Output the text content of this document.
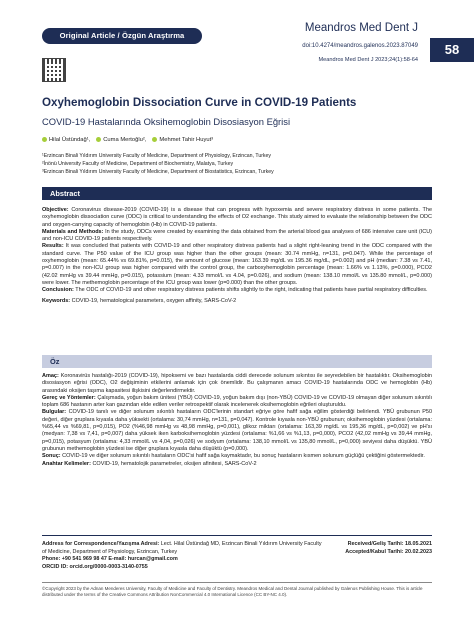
Original Article / Özgün Araştırma
Meandros Med Dent J
58
doi:10.4274/meandros.galenos.2023.87049
Meandros Med Dent J 2023;24(1):58-64
Oxyhemoglobin Dissociation Curve in COVID-19 Patients
COVID-19 Hastalarında Oksihemoglobin Disosiasyon Eğrisi
Hilal Üstündağ¹,	Cuma Mertoğlu²,	Mehmet Tahir Huyut³
¹Erzincan Binali Yıldırım University Faculty of Medicine, Department of Physiology, Erzincan, Turkey
²İnönü University Faculty of Medicine, Department of Biochemistry, Malatya, Turkey
³Erzincan Binali Yıldırım University Faculty of Medicine, Department of Biostatistics, Erzincan, Turkey
Abstract
Objective: Coronavirus disease-2019 (COVID-19) is a disease that can progress with hypoxemia and severe respiratory distress in some patients. The oxyhemoglobin dissociation curve (ODC) is critical to understanding the effects of O2 exchange. This study aimed to evaluate the relationship between the ODC and oxygen-carrying capacity of hemoglobin (Hb) in COVID-19 patients.
Materials and Methods: In the study, ODCs were created by examining the data obtained from the arterial blood gas analyses of 686 intensive care unit (ICU) and non-ICU COVID-19 patients respectively.
Results: It was concluded that patients with COVID-19 and other respiratory distress patients had a slight right-leaning trend in the ODC compared with the standard curve. The P50 value of the ICU group was higher than the other groups (mean: 30.74 mmHg, n=131, p=0.047). While the percentage of oxyhemoglobin (mean: 65.44% vs 69.81%, p=0.015), the amount of glucose (mean: 163.39 mg/dL vs 195.36 mg/dL, p=0.002) and pH (median: 7.38 vs 7.41, p=0.007) in the non-ICU group was higher compared with the control group, the carboxyhemoglobin percentage (mean: 1.66% vs 1.13%, p=0.000), PCO2 (42.02 mmHg vs 39.44 mmHg, p=0.015), potassium (mean: 4.33 mmol/L vs 4.04, p=0.026), and sodium (mean: 138.10 mmol/L vs 135.80 mmol/L, p=0.000) were lower. The methemoglobin percentage of the ICU group was lower (p=0.000) than the other groups.
Conclusion: The ODC of COVID-19 and other respiratory distress patients shifts slightly to the right, indicating that patients have partial respiratory difficulties.
Keywords: COVID-19, hematological parameters, oxygen affinity, SARS-CoV-2
Öz
Amaç: Koronavirüs hastalığı-2019 (COVID-19), hipoksemi ve bazı hastalarda ciddi derecede solunum sıkıntısı ile seyredebilen bir hastalıktır. Oksihemoglobin disosiasyon eğrisi (ODC), O2 değişiminin etkilerini anlamak için çok önemlidir. Bu çalışmanın amacı COVID-19 hastalarında ODC ve hemoglobin (Hb) arasındaki oksijen taşıma kapasitesi ilişkisini değerlendirmektir.
Gereç ve Yöntemler: Çalışmada, yoğun bakım ünitesi (YBÜ) COVID-19, yoğun bakım dışı (non-YBÜ) COVID-19 ve COVID-19 olmayan diğer solunum sıkıntılı toplam 686 hastanın arter kan gazından elde edilen veriler retrospektif olarak incelenerek oksihemoglobin eğrileri oluşturuldu.
Bulgular: COVID-19 tanılı ve diğer solunum sıkıntılı hastaların ODC'lerinin standart eğriye göre hafif sağa eğilim gösterdiği belirlendi. YBÜ grubunun P50 değeri, diğer gruplara kıyasla daha yüksekti (ortalama: 30,74 mmHg, n=131, p=0,047). Kontrole kıyasla non-YBÜ grubunun; oksihemoglobin yüzdesi (ortalama: %65,44 vs %69,81, p=0,015), PO2 (%46,98 mmHg vs 48,98 mmHg, p=0,001), glikoz miktarı (ortalama: 163,39 mg/dL vs 195,36 mg/dL, p=0,002) ve pH'sı (medyan: 7,38 vs 7,41, p=0,007) daha yüksek iken karboksihemoglobin yüzdesi (ortalama: %1,66 vs %1,13, p=0,000), PCO2 (42,02 mmHg vs 39,44 mmHg, p=0,015), potasyum (ortalama: 4,33 mmol/L vs 4,04, p=0,026) ve sodyum (ortalama: 138,10 mmol/L vs 135,80 mmol/L, p=0,000) seviyesi daha düşüktü. YBÜ grubunun methemoglobin yüzdesi ise diğer gruplara kıyasla daha düşüktü (p=0,000).
Sonuç: COVID-19 ve diğer solunum sıkıntılı hastaların ODC'si hafif sağa kaymaktadır, bu sonuç hastaların kısmen solunum güçlüğü çektiğini göstermektedir.
Anahtar Kelimeler: COVID-19, hematolojik parametreler, oksijen afinitesi, SARS-CoV-2
Address for Correspondence/Yazışma Adresi: Lect. Hilal Üstündağ MD, Erzincan Binali Yıldırım University Faculty of Medicine, Department of Physiology, Erzincan, Turkey
Phone: +90 541 969 98 47 E-mail: hurcan@gmail.com
ORCID ID: orcid.org/0000-0003-3140-0755
Received/Geliş Tarihi: 18.05.2021
Accepted/Kabul Tarihi: 20.02.2023
©Copyright 2023 by the Adnan Menderes University, Faculty of Medicine and Faculty of Dentistry. Meandros Medical and Dental Journal published by Galenos Publishing House. This is article distributed under the terms of the Creative Commons Attribution NonCommercial 4.0 International Licence (CC BY-NC 4.0).
